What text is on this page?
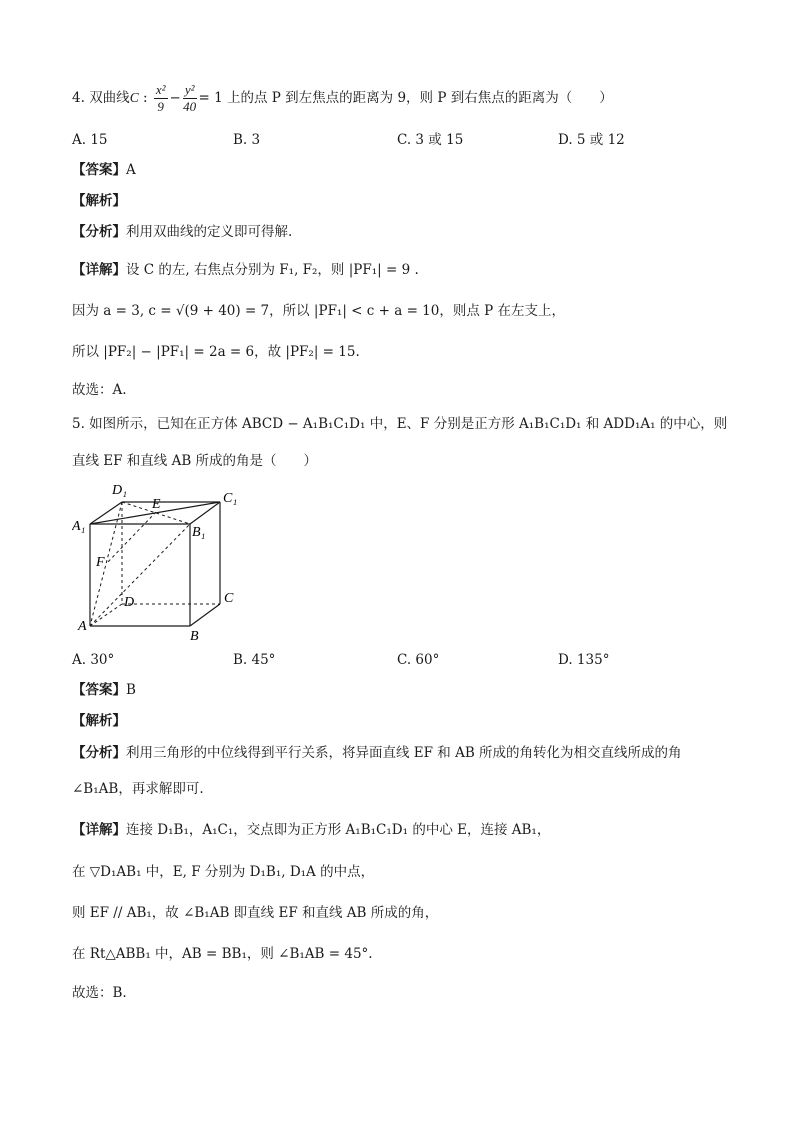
4. 双曲线C : $\frac{\text{x²}}{9} - \frac{\text{y²}}{40} = 1$ 上的点 P 到左焦点的距离为 9，则 P 到右焦点的距离为（　　）
A. 15	B. 3	C. 3 或 15	D. 5 或 12
【答案】A
【解析】
【分析】利用双曲线的定义即可得解.
【详解】设 C 的左, 右焦点分别为 F₁, F₂，则 |PF₁| = 9 .
因为 a = 3, c = √(9 + 40) = 7，所以 |PF₁| < c + a = 10，则点 P 在左支上，
所以 |PF₂| − |PF₁| = 2a = 6，故 |PF₂| = 15.
故选：A.
5. 如图所示，已知在正方体 ABCD − A₁B₁C₁D₁ 中，E、F 分别是正方形 A₁B₁C₁D₁ 和 ADD₁A₁ 的中心，则
直线 EF 和直线 AB 所成的角是（　　）
D₁
C₁
E
A₁	B₁
F
D	C
A
B
A. 30°	B. 45°	C. 60°	D. 135°
【答案】B
【解析】
【分析】利用三角形的中位线得到平行关系，将异面直线 EF 和 AB 所成的角转化为相交直线所成的角
∠B₁AB，再求解即可.
【详解】连接 D₁B₁，A₁C₁，交点即为正方形 A₁B₁C₁D₁ 的中心 E，连接 AB₁，
在 ▽D₁AB₁ 中，E, F 分别为 D₁B₁, D₁A 的中点，
则 EF // AB₁，故 ∠B₁AB 即直线 EF 和直线 AB 所成的角，
在 Rt△ABB₁ 中，AB = BB₁，则 ∠B₁AB = 45°.
故选：B.
